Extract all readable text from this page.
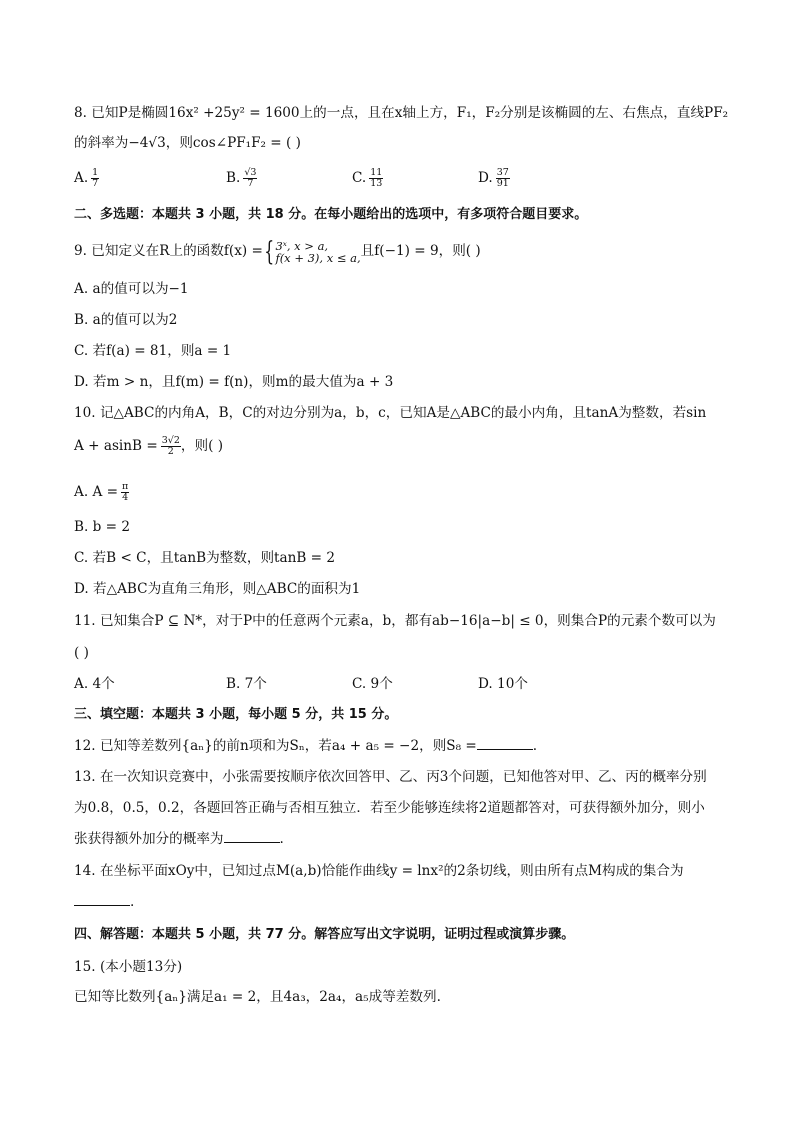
8. 已知P是椭圆16x² +25y² = 1600上的一点，且在x轴上方，F₁，F₂分别是该椭圆的左、右焦点，直线PF₂
的斜率为−4√3，则cos∠PF₁F₂ = ( )
A. $\frac{1}{7}$	B. $\frac{√3}{7}$	C. $\frac{11}{13}$	D. $\frac{37}{91}$
二、多选题：本题共 3 小题，共 18 分。在每小题给出的选项中，有多项符合题目要求。
9. 已知定义在R上的函数f(x) ={ 3ˣ, x > a,
f(x + 3), x ≤ a, 且f(−1) = 9，则( )
A. a的值可以为−1
B. a的值可以为2
C. 若f(a) = 81，则a = 1
D. 若m > n，且f(m) = f(n)，则m的最大值为a + 3
10. 记△ABC的内角A，B，C的对边分别为a，b，c，已知A是△ABC的最小内角，且tanA为整数，若sin
$A + asinB = \frac{3√2}{2}$ ，则( )
A. $A = \frac{\pi}{4}$
B. b = 2
C. 若B < C，且tanB为整数，则tanB = 2
D. 若△ABC为直角三角形，则△ABC的面积为1
11. 已知集合P ⊆ N*，对于P中的任意两个元素a，b，都有ab−16|a−b| ≤ 0，则集合P的元素个数可以为
( )
A. 4个	B. 7个	C. 9个	D. 10个
三、填空题：本题共 3 小题，每小题 5 分，共 15 分。
12. 已知等差数列{aₙ}的前n项和为Sₙ，若a₄ + a₅ = −2，则S₈ =	.
13. 在一次知识竞赛中，小张需要按顺序依次回答甲、乙、丙3个问题，已知他答对甲、乙、丙的概率分别
为0.8，0.5，0.2，各题回答正确与否相互独立．若至少能够连续将2道题都答对，可获得额外加分，则小
张获得额外加分的概率为	.
14. 在坐标平面xOy中，已知过点M(a,b)恰能作曲线y = lnx²的2条切线，则由所有点M构成的集合为
.
四、解答题：本题共 5 小题，共 77 分。解答应写出文字说明，证明过程或演算步骤。
15. (本小题13分)
已知等比数列{aₙ}满足a₁ = 2，且4a₃，2a₄，a₅成等差数列.
